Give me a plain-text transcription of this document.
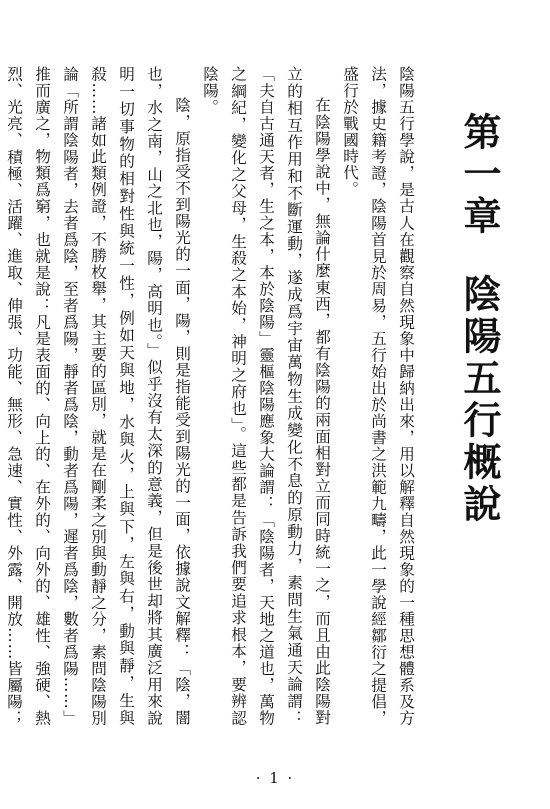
第一章陰陽五行概說

陰陽五行學說，是古人在觀察自然現象中歸納出來，用以解釋自然現象的一種思想體系及方法，據史籍考證，陰陽首見於周易，五行始出於尚書之洪範九疇，此一學說經鄒衍之提倡，盛行於戰國時代。

在陰陽學說中，無論什麼東西，都有陰陽的兩面相對立而同時統一之，而且由此陰陽對立的相互作用和不斷運動，遂成爲宇宙萬物生成變化不息的原動力，素問生氣通天論謂：「夫自古通天者，生之本，本於陰陽」靈樞陰陽應象大論謂：「陰陽者，天地之道也，萬物之綱紀，變化之父母，生殺之本始，神明之府也」。這些都是告訴我們要追求根本，要辨認陰陽。

陰，原指受不到陽光的一面，陽，則是指能受到陽光的一面，依據說文解釋：「陰，闇也，水之南，山之北也，陽，高明也。」似乎沒有太深的意義，但是後世却將其廣泛用來說明一切事物的相對性與統一性，例如天與地，水與火，上與下，左與右，動與靜，生與殺……諸如此類例證，不勝枚舉，其主要的區別，就是在剛柔之別與動靜之分，素問陰陽別論「所謂陰陽者，去者爲陰，至者爲陽，靜者爲陰，動者爲陽，遲者爲陰，數者爲陽……」推而廣之，物類爲窮，也就是說：凡是表面的、向上的、在外的、向外的、雄性、強硬、熱烈、光亮、積極、活躍、進取、伸張、功能、無形、急速、實性、外露、開放……皆屬陽；

· 1 ·
